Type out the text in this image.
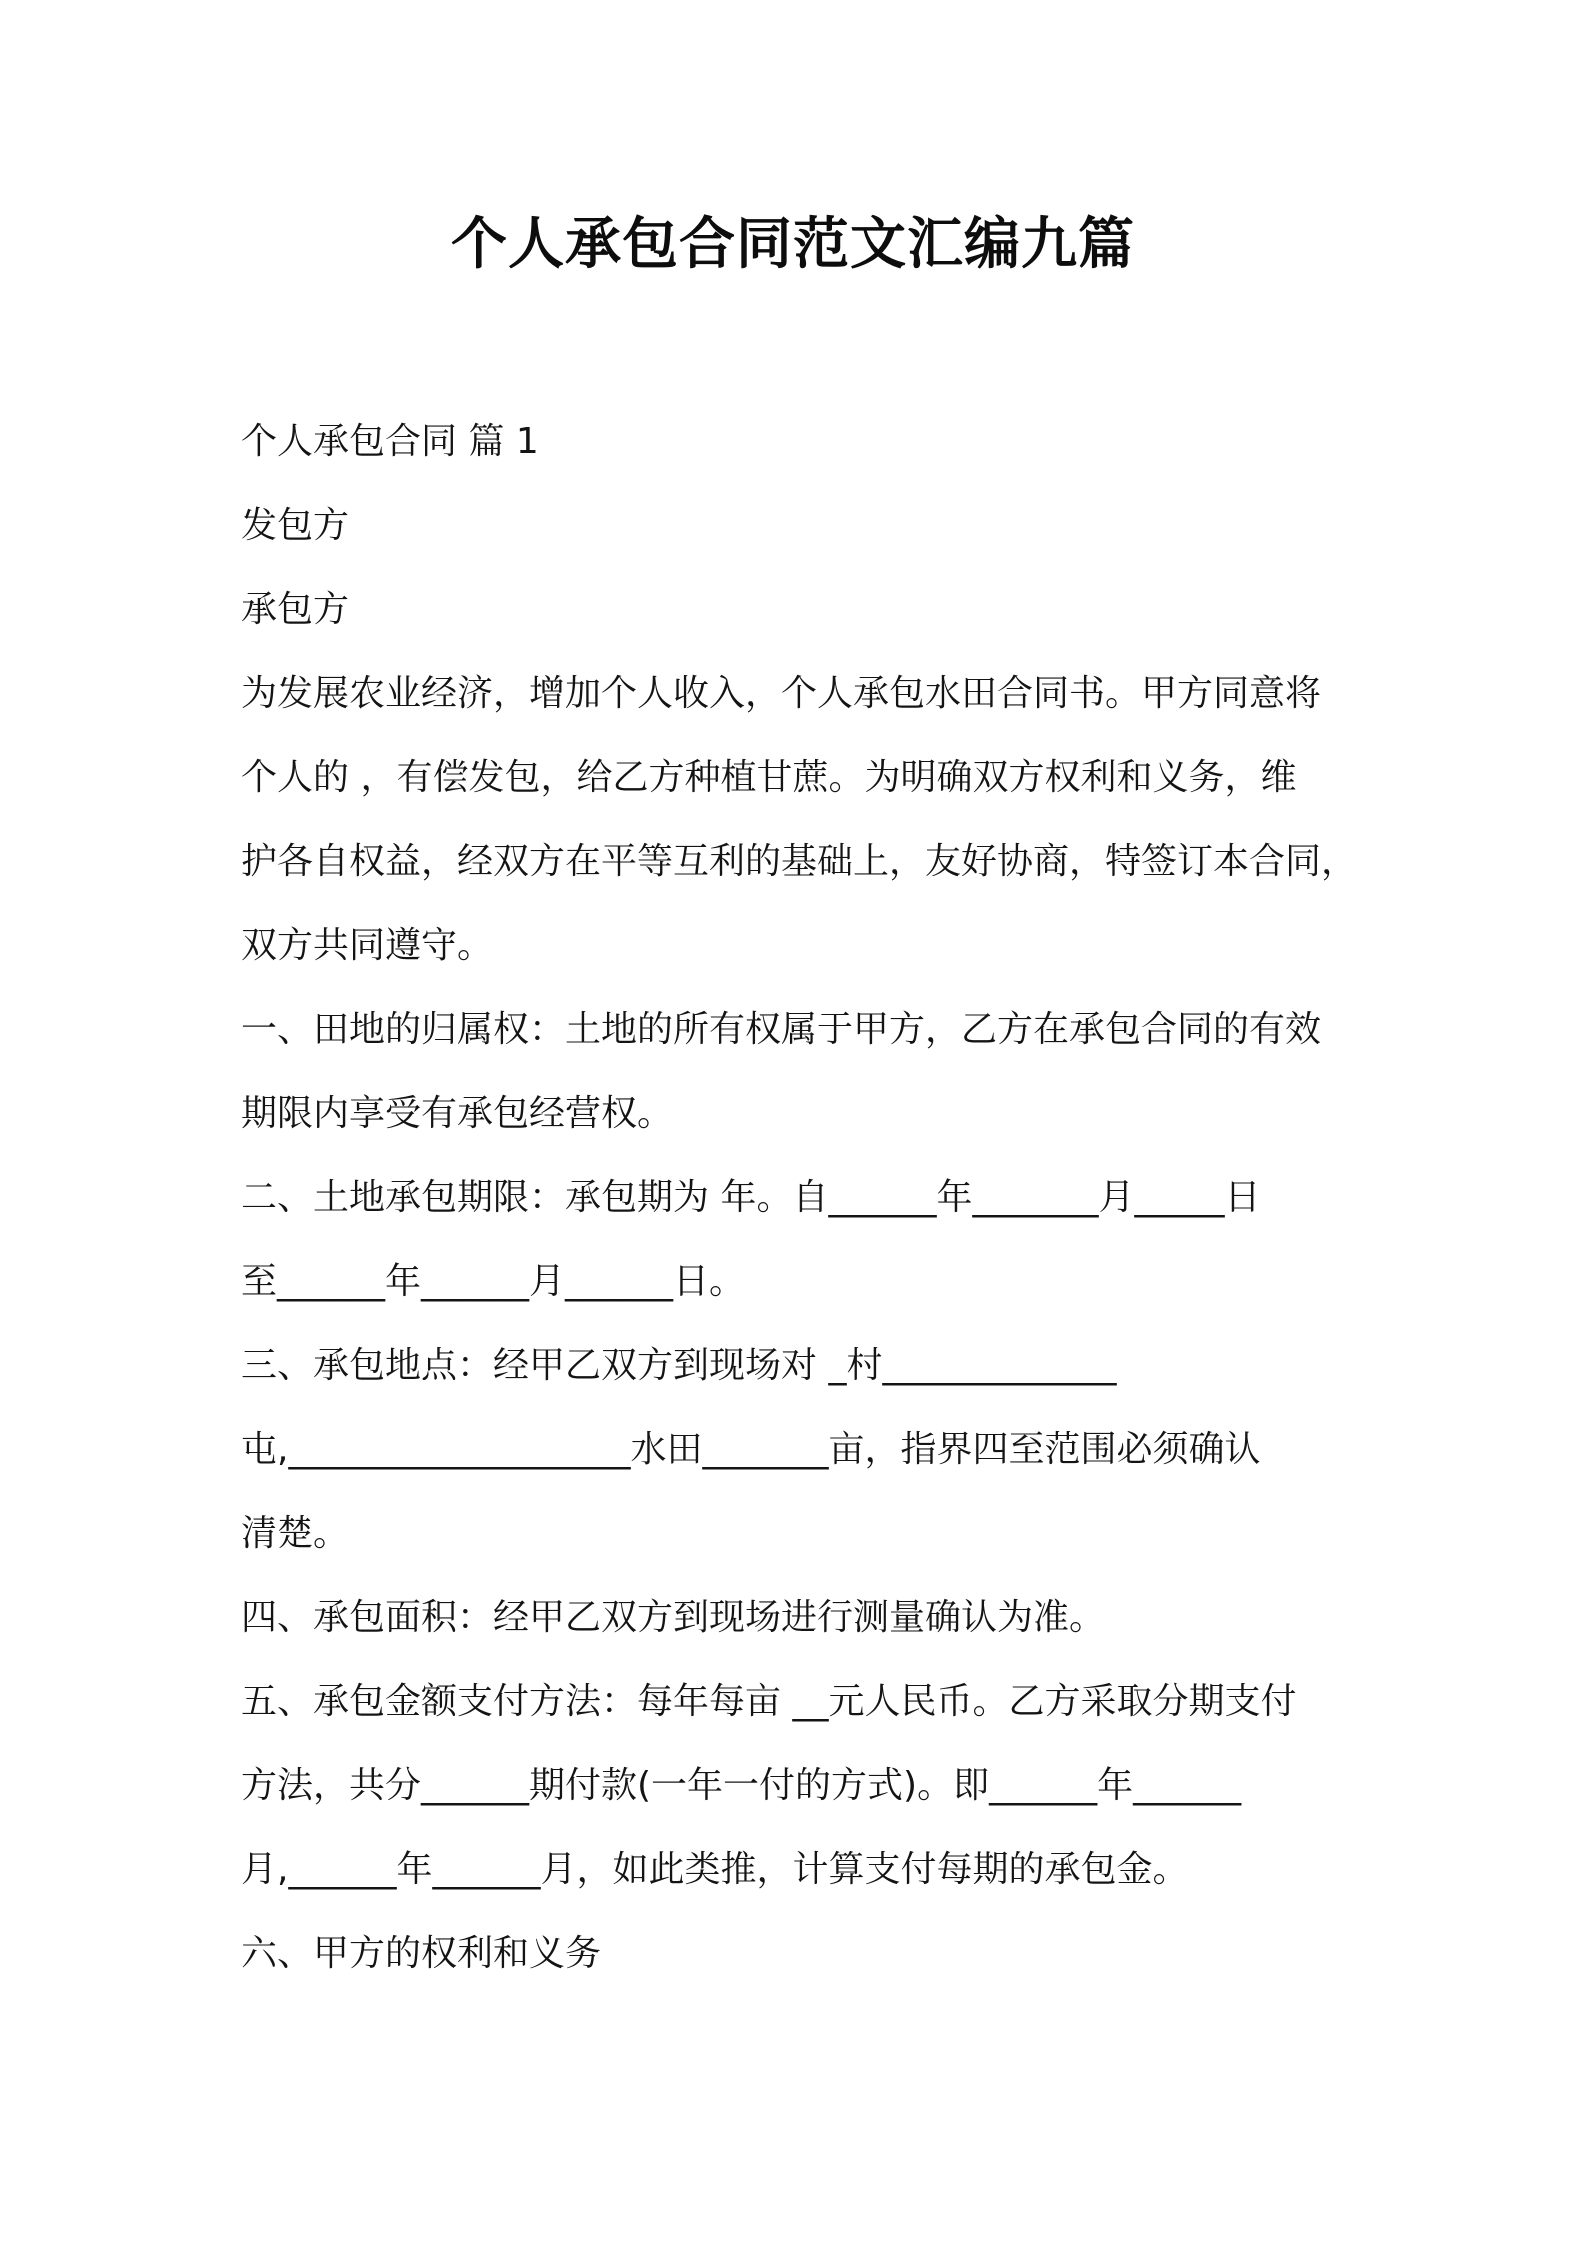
个人承包合同范文汇编九篇
个人承包合同 篇 1
发包方
承包方
为发展农业经济，增加个人收入，个人承包水田合同书。甲方同意将
个人的 ，有偿发包，给乙方种植甘蔗。为明确双方权利和义务，维
护各自权益，经双方在平等互利的基础上，友好协商，特签订本合同，
双方共同遵守。
一、田地的归属权：土地的所有权属于甲方，乙方在承包合同的有效
期限内享受有承包经营权。
二、土地承包期限：承包期为 年。自______年_______月_____日
至______年______月______日。
三、承包地点：经甲乙双方到现场对 _村_____________
屯,___________________水田_______亩，指界四至范围必须确认
清楚。
四、承包面积：经甲乙双方到现场进行测量确认为准。
五、承包金额支付方法：每年每亩 __元人民币。乙方采取分期支付
方法，共分______期付款(一年一付的方式)。即______年______
月,______年______月，如此类推，计算支付每期的承包金。
六、甲方的权利和义务
